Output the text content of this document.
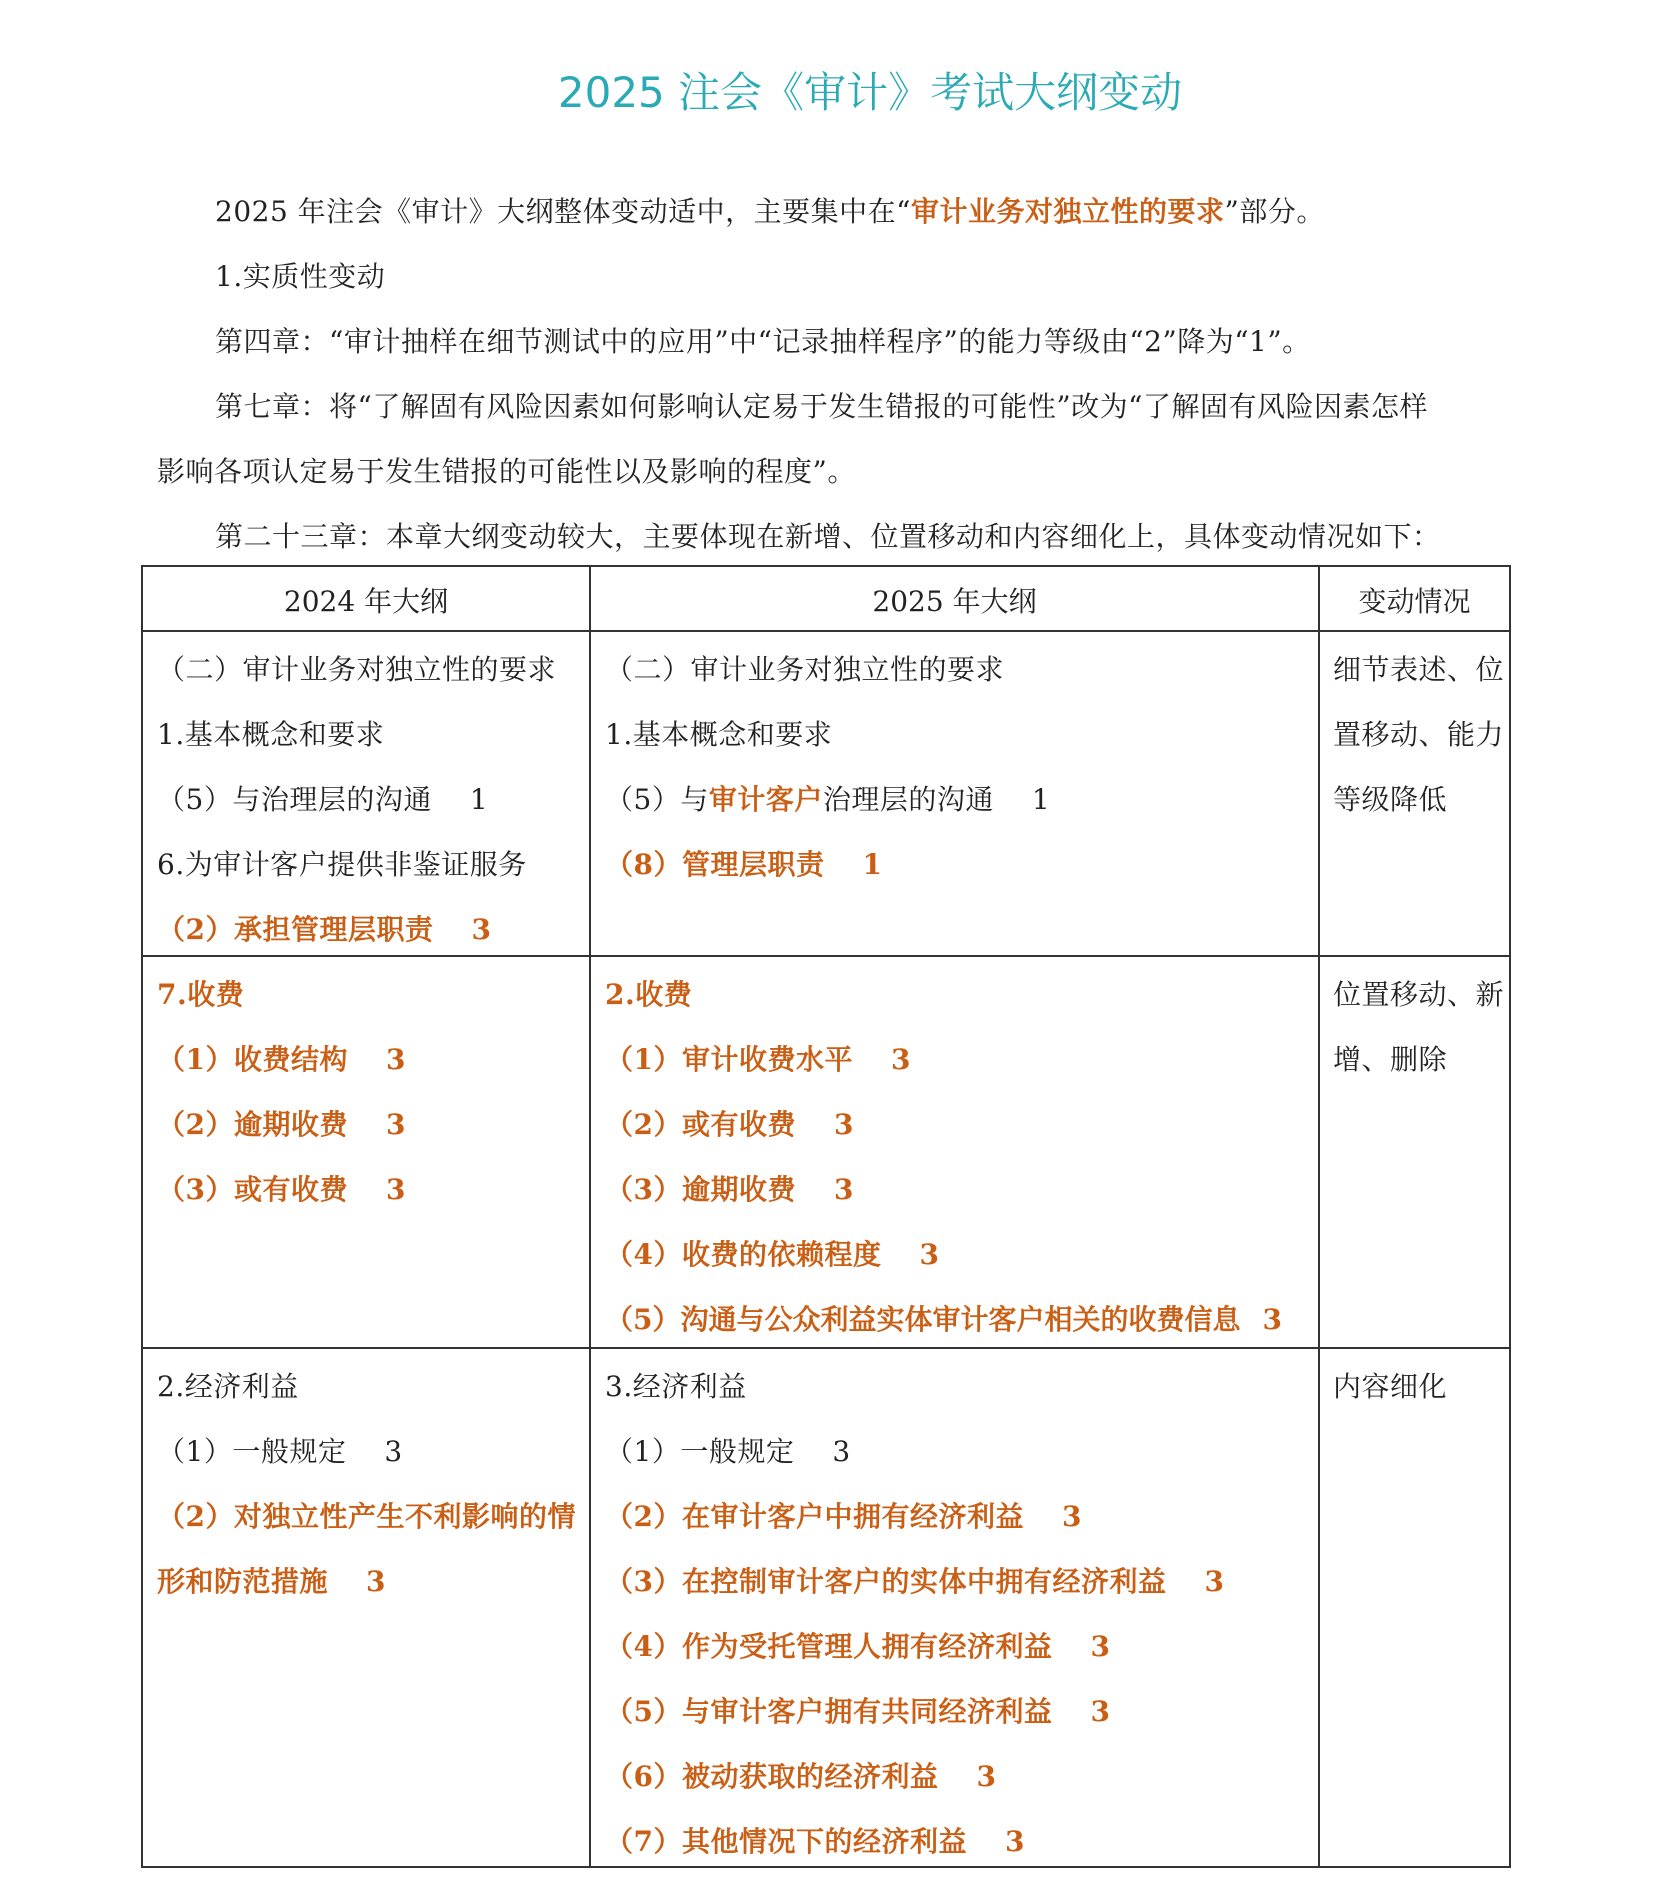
2025 注会《审计》考试大纲变动
2025 年注会《审计》大纲整体变动适中，主要集中在“审计业务对独立性的要求”部分。
1.实质性变动
第四章：“审计抽样在细节测试中的应用”中“记录抽样程序”的能力等级由“2”降为“1”。
第七章：将“了解固有风险因素如何影响认定易于发生错报的可能性”改为“了解固有风险因素怎样
影响各项认定易于发生错报的可能性以及影响的程度”。
第二十三章：本章大纲变动较大，主要体现在新增、位置移动和内容细化上，具体变动情况如下：
2024 年大纲	2025 年大纲	变动情况
（二）审计业务对独立性的要求
1.基本概念和要求
（5）与治理层的沟通 1
6.为审计客户提供非鉴证服务
（2）承担管理层职责 3
（二）审计业务对独立性的要求
1.基本概念和要求
（5）与审计客户治理层的沟通 1
（8）管理层职责 1
细节表述、位
置移动、能力
等级降低
7.收费
（1）收费结构 3
（2）逾期收费 3
（3）或有收费 3
2.收费
（1）审计收费水平 3
（2）或有收费 3
（3）逾期收费 3
（4）收费的依赖程度 3
（5）沟通与公众利益实体审计客户相关的收费信息 3
位置移动、新
增、删除
2.经济利益
（1）一般规定 3
（2）对独立性产生不利影响的情
形和防范措施 3
3.经济利益
（1）一般规定 3
（2）在审计客户中拥有经济利益 3
（3）在控制审计客户的实体中拥有经济利益 3
（4）作为受托管理人拥有经济利益 3
（5）与审计客户拥有共同经济利益 3
（6）被动获取的经济利益 3
（7）其他情况下的经济利益 3
内容细化
